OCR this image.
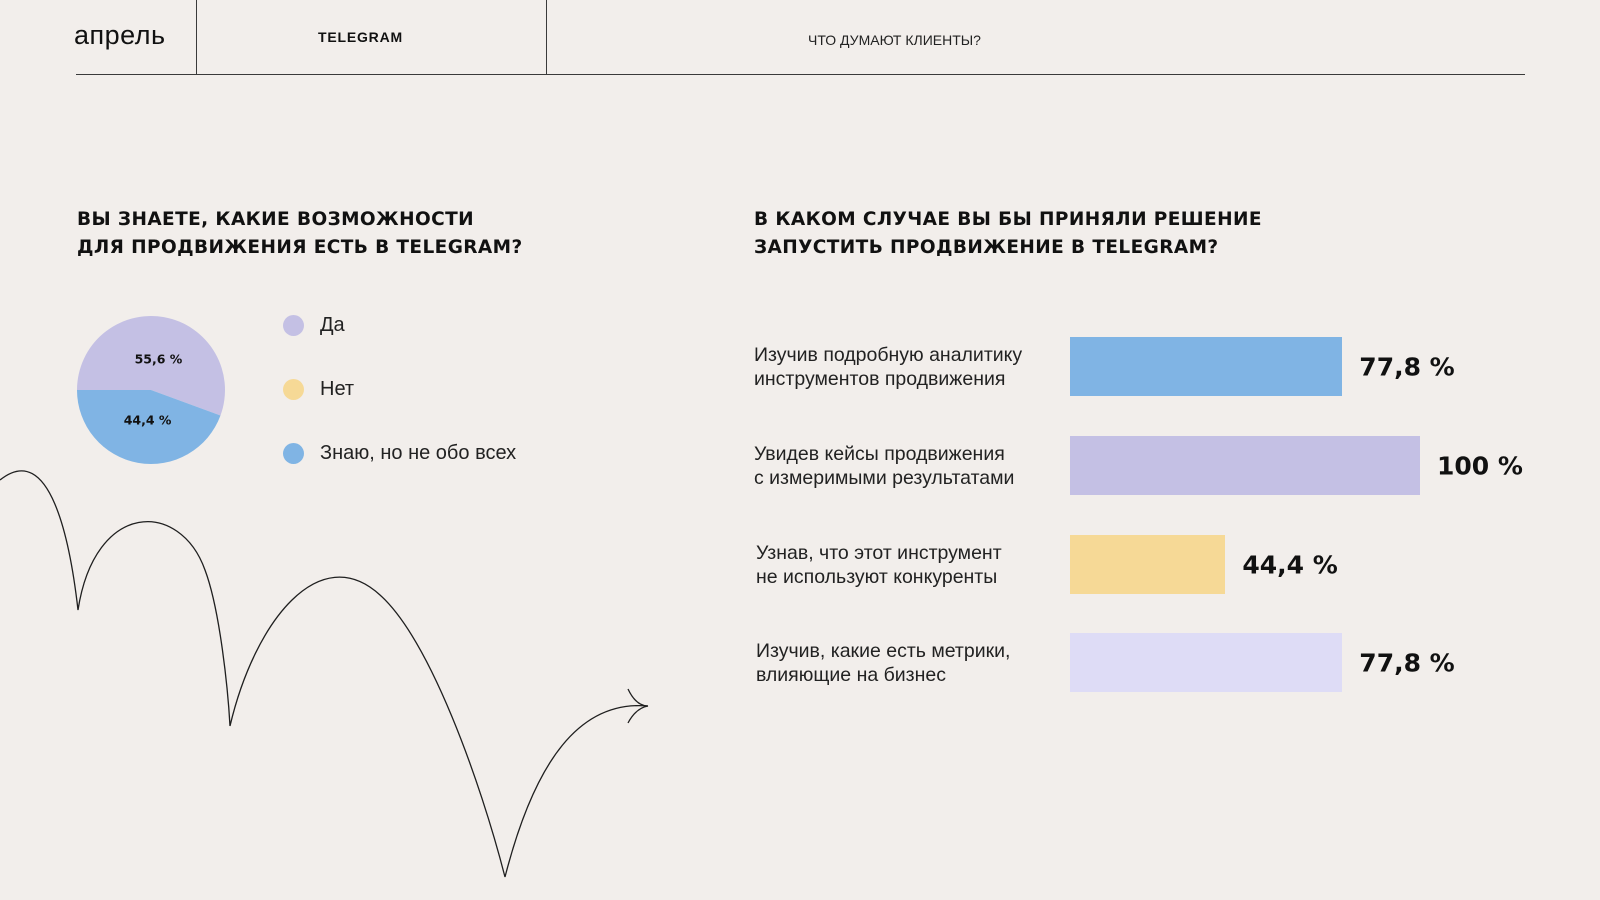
апрель	TELEGRAM	ЧТО ДУМАЮТ КЛИЕНТЫ?
ВЫ ЗНАЕТЕ, КАКИЕ ВОЗМОЖНОСТИ
ДЛЯ ПРОДВИЖЕНИЯ ЕСТЬ В TELEGRAM?
В КАКОМ СЛУЧАЕ ВЫ БЫ ПРИНЯЛИ РЕШЕНИЕ
ЗАПУСТИТЬ ПРОДВИЖЕНИЕ В TELEGRAM?
55,6 %
44,4 %
Да
Нет
Знаю, но не обо всех
Изучив подробную аналитику
инструментов продвижения	77,8 %
Увидев кейсы продвижения
с измеримыми результатами	100 %
Узнав, что этот инструмент
не используют конкуренты	44,4 %
Изучив, какие есть метрики,
влияющие на бизнес	77,8 %
